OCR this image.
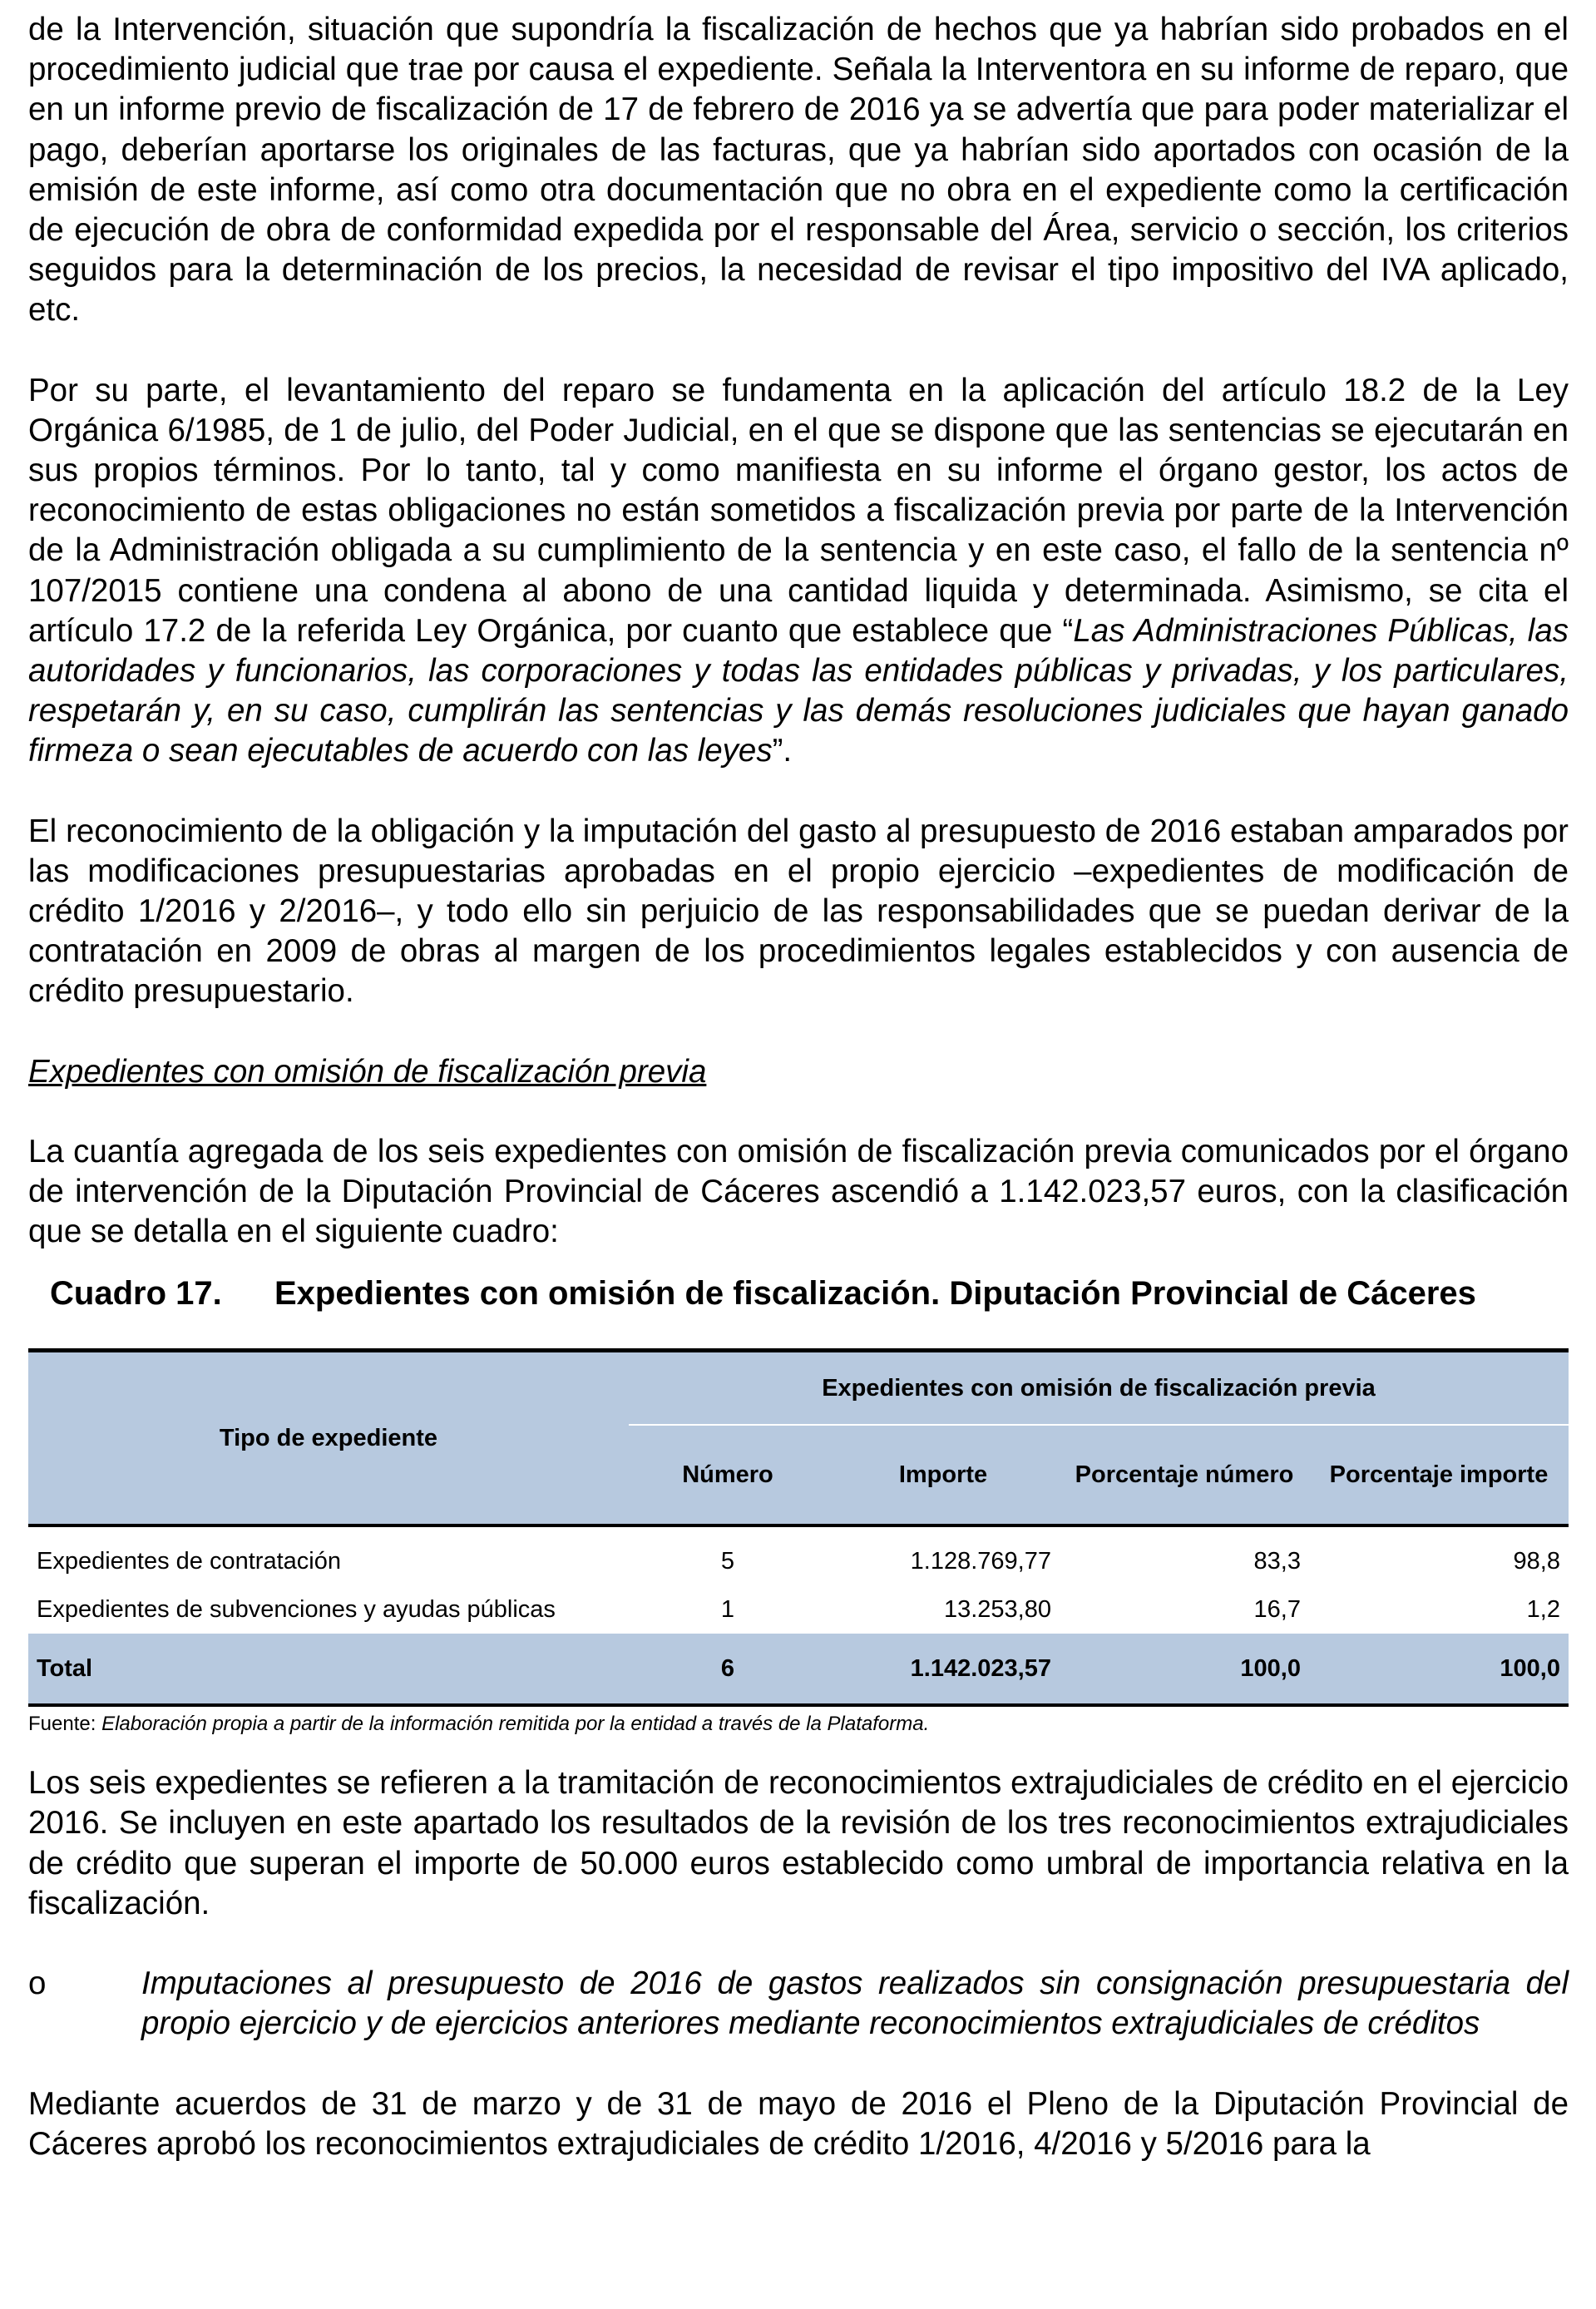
de la Intervención, situación que supondría la fiscalización de hechos que ya habrían sido probados en el procedimiento judicial que trae por causa el expediente. Señala la Interventora en su informe de reparo, que en un informe previo de fiscalización de 17 de febrero de 2016 ya se advertía que para poder materializar el pago, deberían aportarse los originales de las facturas, que ya habrían sido aportados con ocasión de la emisión de este informe, así como otra documentación que no obra en el expediente como la certificación de ejecución de obra de conformidad expedida por el responsable del Área, servicio o sección, los criterios seguidos para la determinación de los precios, la necesidad de revisar el tipo impositivo del IVA aplicado, etc.

Por su parte, el levantamiento del reparo se fundamenta en la aplicación del artículo 18.2 de la Ley Orgánica 6/1985, de 1 de julio, del Poder Judicial, en el que se dispone que las sentencias se ejecutarán en sus propios términos. Por lo tanto, tal y como manifiesta en su informe el órgano gestor, los actos de reconocimiento de estas obligaciones no están sometidos a fiscalización previa por parte de la Intervención de la Administración obligada a su cumplimiento de la sentencia y en este caso, el fallo de la sentencia nº 107/2015 contiene una condena al abono de una cantidad liquida y determinada. Asimismo, se cita el artículo 17.2 de la referida Ley Orgánica, por cuanto que establece que “Las Administraciones Públicas, las autoridades y funcionarios, las corporaciones y todas las entidades públicas y privadas, y los particulares, respetarán y, en su caso, cumplirán las sentencias y las demás resoluciones judiciales que hayan ganado firmeza o sean ejecutables de acuerdo con las leyes”.

El reconocimiento de la obligación y la imputación del gasto al presupuesto de 2016 estaban amparados por las modificaciones presupuestarias aprobadas en el propio ejercicio –expedientes de modificación de crédito 1/2016 y 2/2016–, y todo ello sin perjuicio de las responsabilidades que se puedan derivar de la contratación en 2009 de obras al margen de los procedimientos legales establecidos y con ausencia de crédito presupuestario.

Expedientes con omisión de fiscalización previa

La cuantía agregada de los seis expedientes con omisión de fiscalización previa comunicados por el órgano de intervención de la Diputación Provincial de Cáceres ascendió a 1.142.023,57 euros, con la clasificación que se detalla en el siguiente cuadro:

Cuadro 17.	Expedientes con omisión de fiscalización. Diputación Provincial de Cáceres
Tipo de expediente	Expedientes con omisión de fiscalización previa			
	Número	Importe	Porcentaje número	Porcentaje importe
Expedientes de contratación	5	1.128.769,77	83,3	98,8
Expedientes de subvenciones y ayudas públicas	1	13.253,80	16,7	1,2
Total	6	1.142.023,57	100,0	100,0

Fuente: Elaboración propia a partir de la información remitida por la entidad a través de la Plataforma.

Los seis expedientes se refieren a la tramitación de reconocimientos extrajudiciales de crédito en el ejercicio 2016. Se incluyen en este apartado los resultados de la revisión de los tres reconocimientos extrajudiciales de crédito que superan el importe de 50.000 euros establecido como umbral de importancia relativa en la fiscalización.

o	Imputaciones al presupuesto de 2016 de gastos realizados sin consignación presupuestaria del propio ejercicio y de ejercicios anteriores mediante reconocimientos extrajudiciales de créditos

Mediante acuerdos de 31 de marzo y de 31 de mayo de 2016 el Pleno de la Diputación Provincial de Cáceres aprobó los reconocimientos extrajudiciales de crédito 1/2016, 4/2016 y 5/2016 para la
